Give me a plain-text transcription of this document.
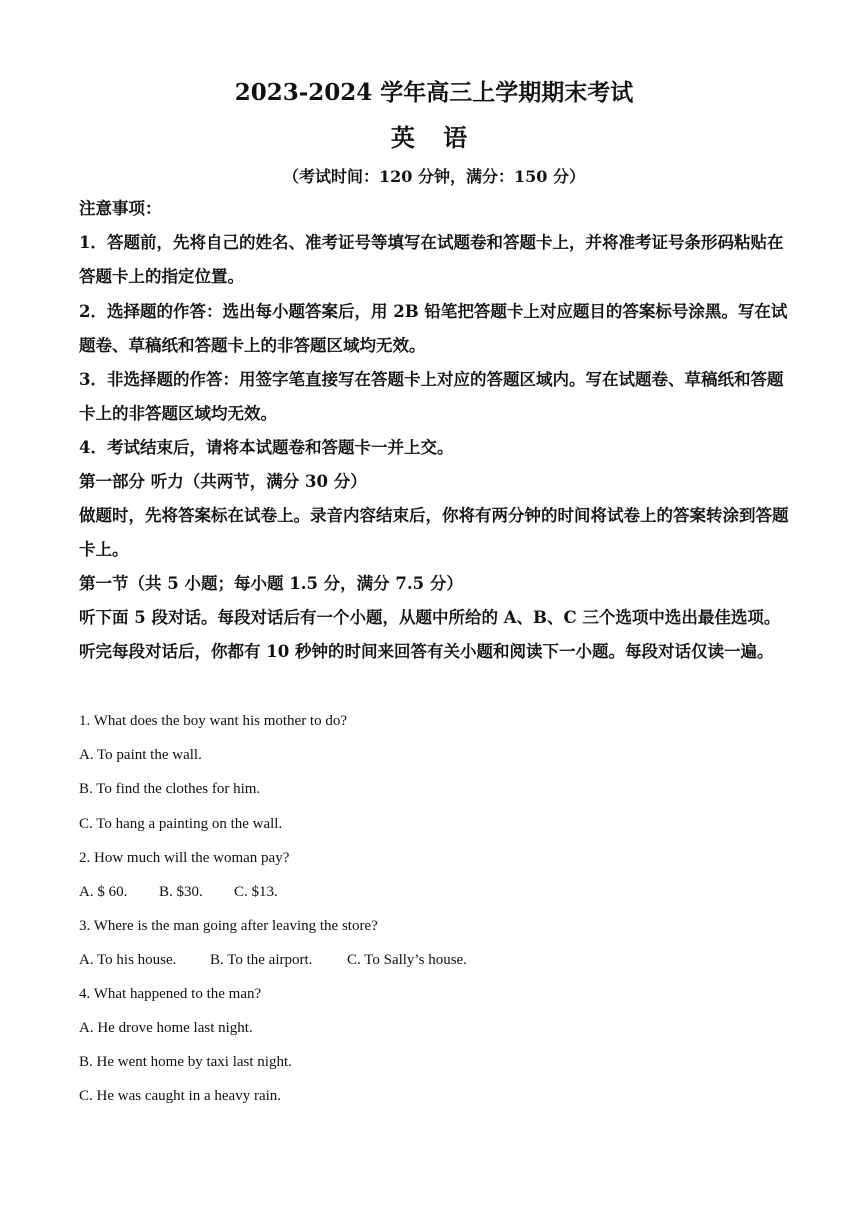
2023-2024 学年高三上学期期末考试
英 语
（考试时间：120 分钟，满分：150 分）

注意事项：

1．答题前，先将自己的姓名、准考证号等填写在试题卷和答题卡上，并将准考证号条形码粘贴在答题卡上的指定位置。

2．选择题的作答：选出每小题答案后，用 2B 铅笔把答题卡上对应题目的答案标号涂黑。写在试题卷、草稿纸和答题卡上的非答题区域均无效。

3．非选择题的作答：用签字笔直接写在答题卡上对应的答题区域内。写在试题卷、草稿纸和答题卡上的非答题区域均无效。

4．考试结束后，请将本试题卷和答题卡一并上交。

第一部分 听力（共两节，满分 30 分）

做题时，先将答案标在试卷上。录音内容结束后，你将有两分钟的时间将试卷上的答案转涂到答题卡上。

第一节（共 5 小题；每小题 1.5 分，满分 7.5 分）

听下面 5 段对话。每段对话后有一个小题，从题中所给的 A、B、C 三个选项中选出最佳选项。听完每段对话后，你都有 10 秒钟的时间来回答有关小题和阅读下一小题。每段对话仅读一遍。

1. What does the boy want his mother to do?

A. To paint the wall.

B. To find the clothes for him.

C. To hang a painting on the wall.

2. How much will the woman pay?

A. $ 60. B. $30. C. $13.

3. Where is the man going after leaving the store?

A. To his house. B. To the airport. C. To Sally’s house.

4. What happened to the man?

A. He drove home last night.

B. He went home by taxi last night.

C. He was caught in a heavy rain.
